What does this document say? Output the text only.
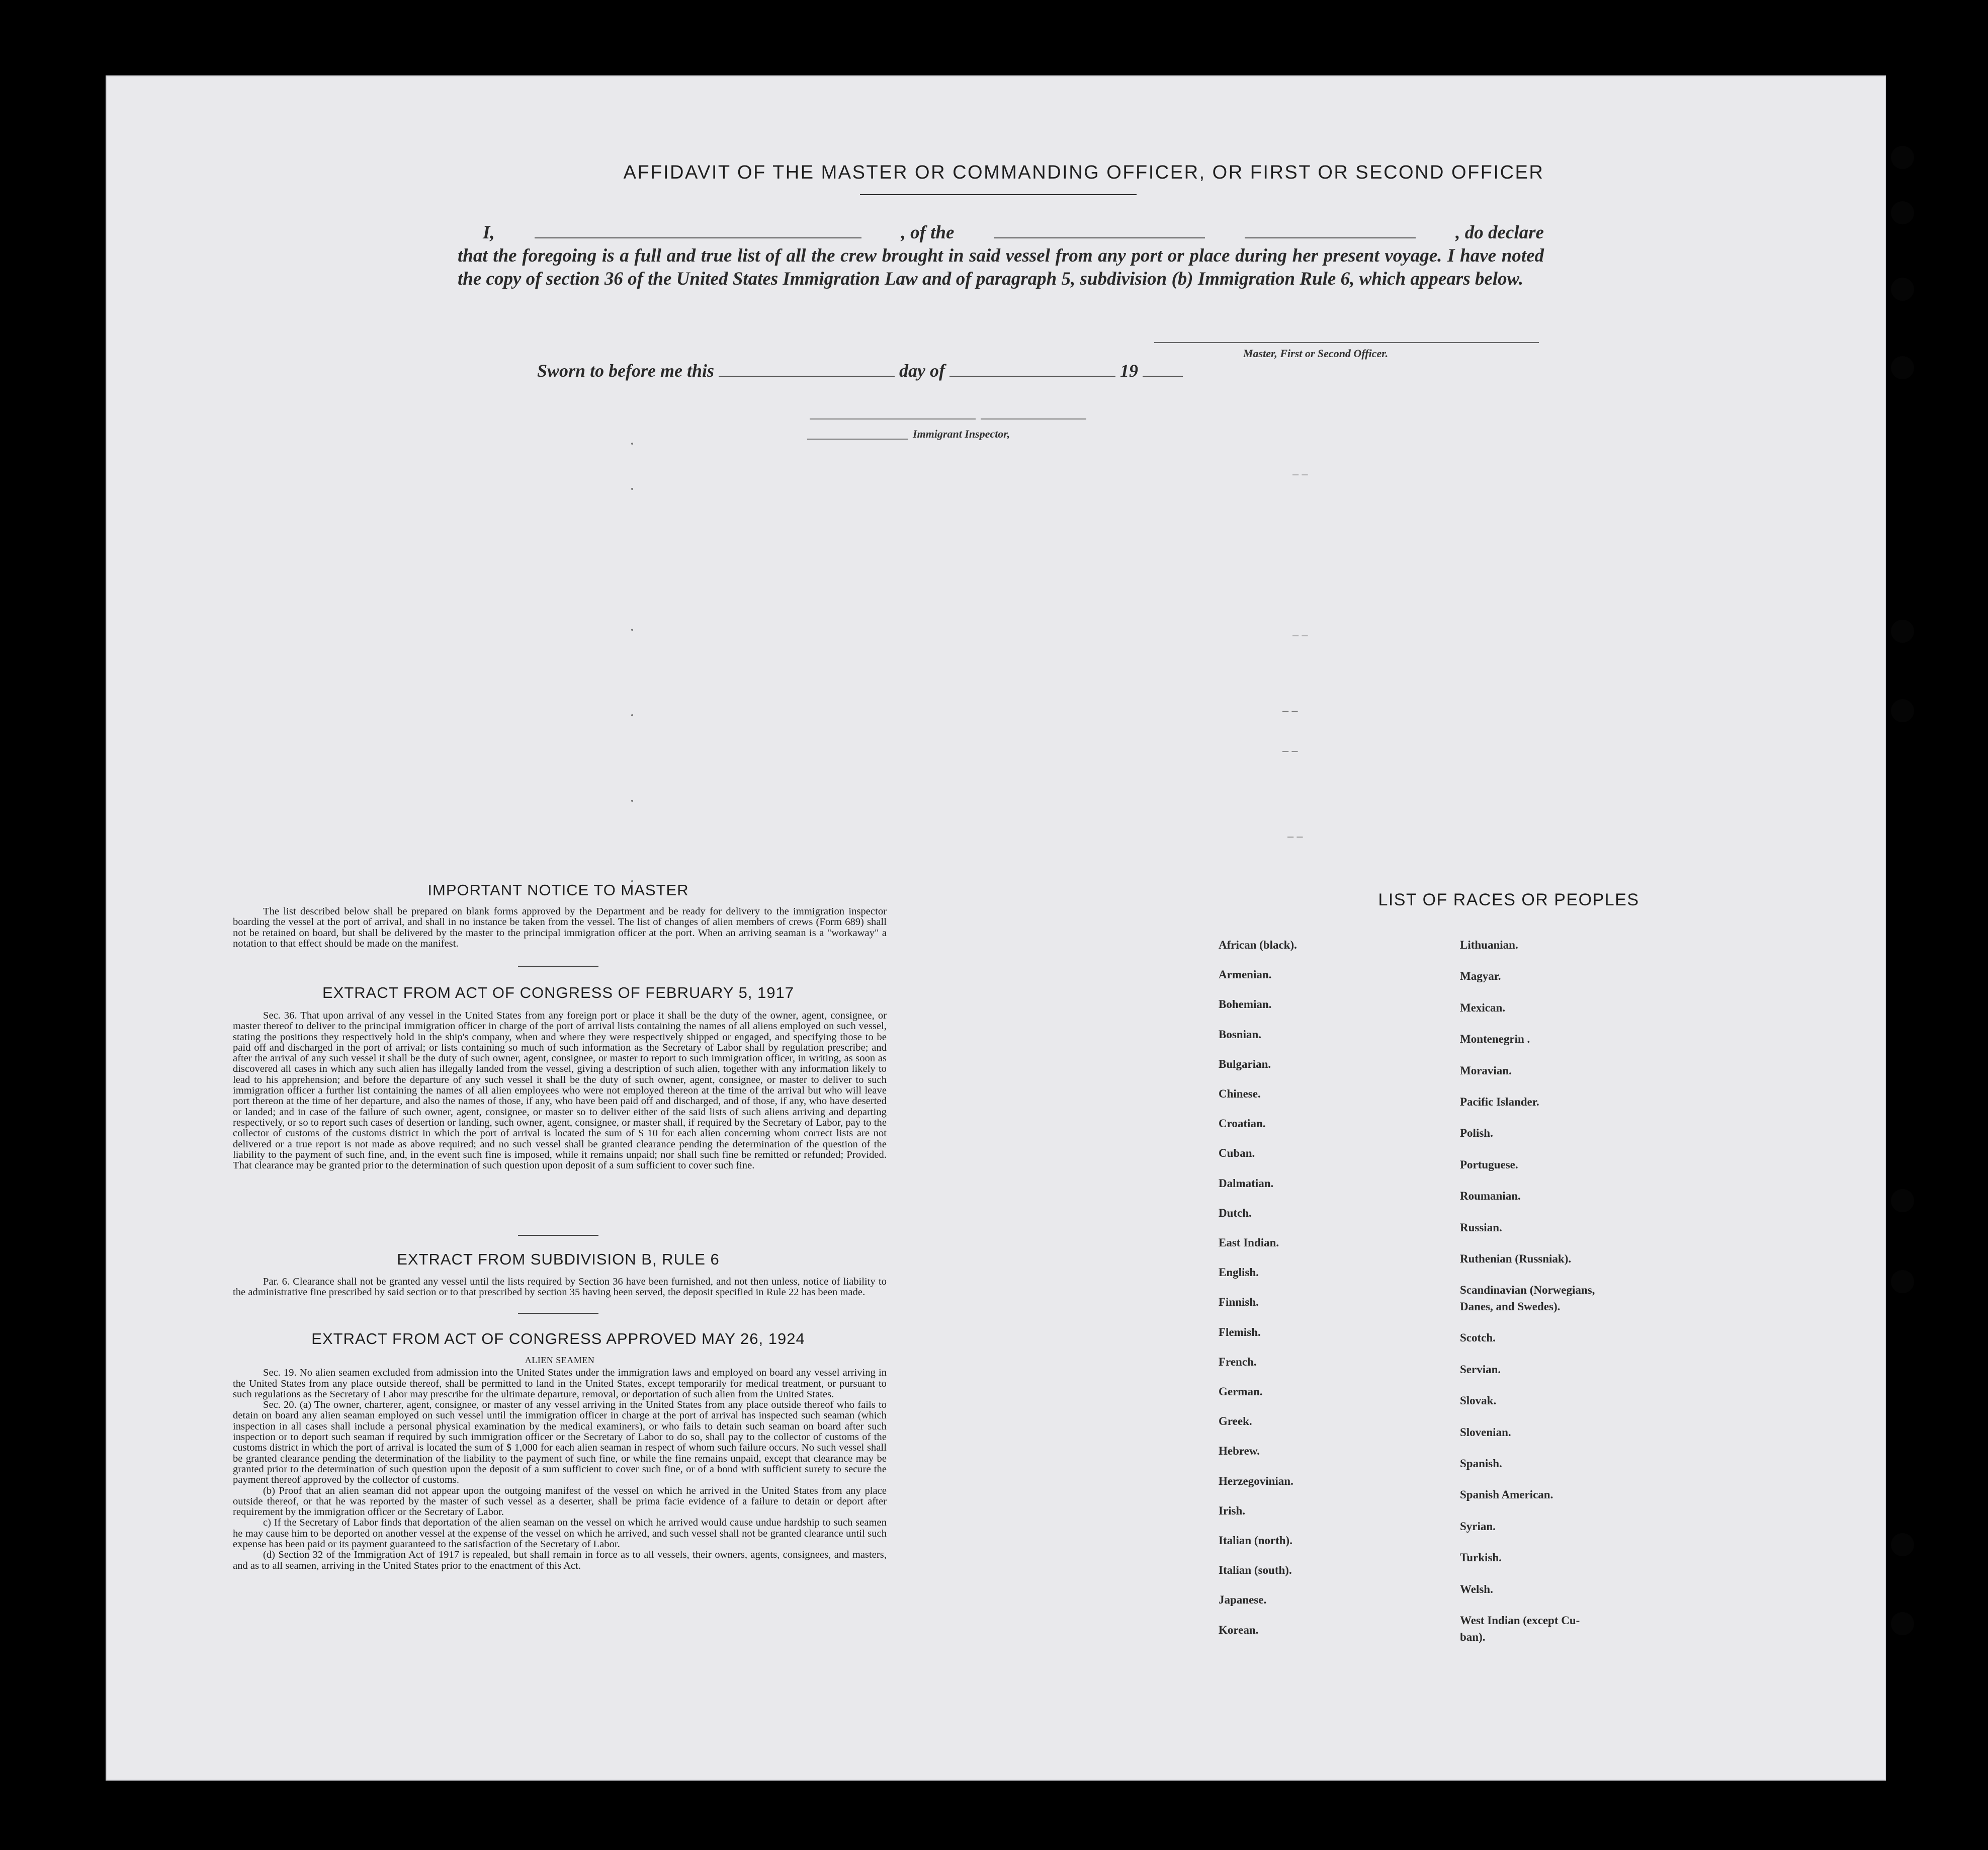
AFFIDAVIT OF THE MASTER OR COMMANDING OFFICER, OR FIRST OR SECOND OFFICER
I,	, of the	, do declare
that the foregoing is a full and true list of all the crew brought in said vessel from any port or place during her present voyage. I have noted the copy of section 36 of the United States Immigration Law and of paragraph 5, subdivision (b) Immigration Rule 6, which appears below.
Master, First or Second Officer.
Sworn to before me this	day of	19
Immigrant Inspector,
– –
– –
– –
– –
– –
IMPORTANT NOTICE TO MASTER

The list described below shall be prepared on blank forms approved by the Department and be ready for delivery to the immigration inspector boarding the vessel at the port of arrival, and shall in no instance be taken from the vessel. The list of changes of alien members of crews (Form 689) shall not be retained on board, but shall be delivered by the master to the principal immigration officer at the port. When an arriving seaman is a "workaway" a notation to that effect should be made on the manifest.

EXTRACT FROM ACT OF CONGRESS OF FEBRUARY 5, 1917

Sec. 36. That upon arrival of any vessel in the United States from any foreign port or place it shall be the duty of the owner, agent, consignee, or master thereof to deliver to the principal immigration officer in charge of the port of arrival lists containing the names of all aliens employed on such vessel, stating the positions they respectively hold in the ship's company, when and where they were respectively shipped or engaged, and specifying those to be paid off and discharged in the port of arrival; or lists containing so much of such information as the Secretary of Labor shall by regulation prescribe; and after the arrival of any such vessel it shall be the duty of such owner, agent, consignee, or master to report to such immigration officer, in writing, as soon as discovered all cases in which any such alien has illegally landed from the vessel, giving a description of such alien, together with any information likely to lead to his apprehension; and before the departure of any such vessel it shall be the duty of such owner, agent, consignee, or master to deliver to such immigration officer a further list containing the names of all alien employees who were not employed thereon at the time of the arrival but who will leave port thereon at the time of her departure, and also the names of those, if any, who have been paid off and discharged, and of those, if any, who have deserted or landed; and in case of the failure of such owner, agent, consignee, or master so to deliver either of the said lists of such aliens arriving and departing respectively, or so to report such cases of desertion or landing, such owner, agent, consignee, or master shall, if required by the Secretary of Labor, pay to the collector of customs of the customs district in which the port of arrival is located the sum of $ 10 for each alien concerning whom correct lists are not delivered or a true report is not made as above required; and no such vessel shall be granted clearance pending the determination of the question of the liability to the payment of such fine, and, in the event such fine is imposed, while it remains unpaid; nor shall such fine be remitted or refunded; Provided. That clearance may be granted prior to the determination of such question upon deposit of a sum sufficient to cover such fine.

EXTRACT FROM SUBDIVISION B, RULE 6

Par. 6. Clearance shall not be granted any vessel until the lists required by Section 36 have been furnished, and not then unless, notice of liability to the administrative fine prescribed by said section or to that prescribed by section 35 having been served, the deposit specified in Rule 22 has been made.

EXTRACT FROM ACT OF CONGRESS APPROVED MAY 26, 1924

ALIEN SEAMEN

Sec. 19. No alien seamen excluded from admission into the United States under the immigration laws and employed on board any vessel arriving in the United States from any place outside thereof, shall be permitted to land in the United States, except temporarily for medical treatment, or pursuant to such regulations as the Secretary of Labor may prescribe for the ultimate departure, removal, or deportation of such alien from the United States.

Sec. 20. (a) The owner, charterer, agent, consignee, or master of any vessel arriving in the United States from any place outside thereof who fails to detain on board any alien seaman employed on such vessel until the immigration officer in charge at the port of arrival has inspected such seaman (which inspection in all cases shall include a personal physical examination by the medical examiners), or who fails to detain such seaman on board after such inspection or to deport such seaman if required by such immigration officer or the Secretary of Labor to do so, shall pay to the collector of customs of the customs district in which the port of arrival is located the sum of $ 1,000 for each alien seaman in respect of whom such failure occurs. No such vessel shall be granted clearance pending the determination of the liability to the payment of such fine, or while the fine remains unpaid, except that clearance may be granted prior to the determination of such question upon the deposit of a sum sufficient to cover such fine, or of a bond with sufficient surety to secure the payment thereof approved by the collector of customs.

(b) Proof that an alien seaman did not appear upon the outgoing manifest of the vessel on which he arrived in the United States from any place outside thereof, or that he was reported by the master of such vessel as a deserter, shall be prima facie evidence of a failure to detain or deport after requirement by the immigration officer or the Secretary of Labor.

c) If the Secretary of Labor finds that deportation of the alien seaman on the vessel on which he arrived would cause undue hardship to such seamen he may cause him to be deported on another vessel at the expense of the vessel on which he arrived, and such vessel shall not be granted clearance until such expense has been paid or its payment guaranteed to the satisfaction of the Secretary of Labor.

(d) Section 32 of the Immigration Act of 1917 is repealed, but shall remain in force as to all vessels, their owners, agents, consignees, and masters, and as to all seamen, arriving in the United States prior to the enactment of this Act.

LIST OF RACES OR PEOPLES
African (black).
Armenian.
Bohemian.
Bosnian.
Bulgarian.
Chinese.
Croatian.
Cuban.
Dalmatian.
Dutch.
East Indian.
English.
Finnish.
Flemish.
French.
German.
Greek.
Hebrew.
Herzegovinian.
Irish.
Italian (north).
Italian (south).
Japanese.
Korean.
Lithuanian.
Magyar.
Mexican.
Montenegrin .
Moravian.
Pacific Islander.
Polish.
Portuguese.
Roumanian.
Russian.
Ruthenian (Russniak).
Scandinavian (Norwegians,
Danes, and Swedes).
Scotch.
Servian.
Slovak.
Slovenian.
Spanish.
Spanish American.
Syrian.
Turkish.
Welsh.
West Indian (except Cu-
ban).
